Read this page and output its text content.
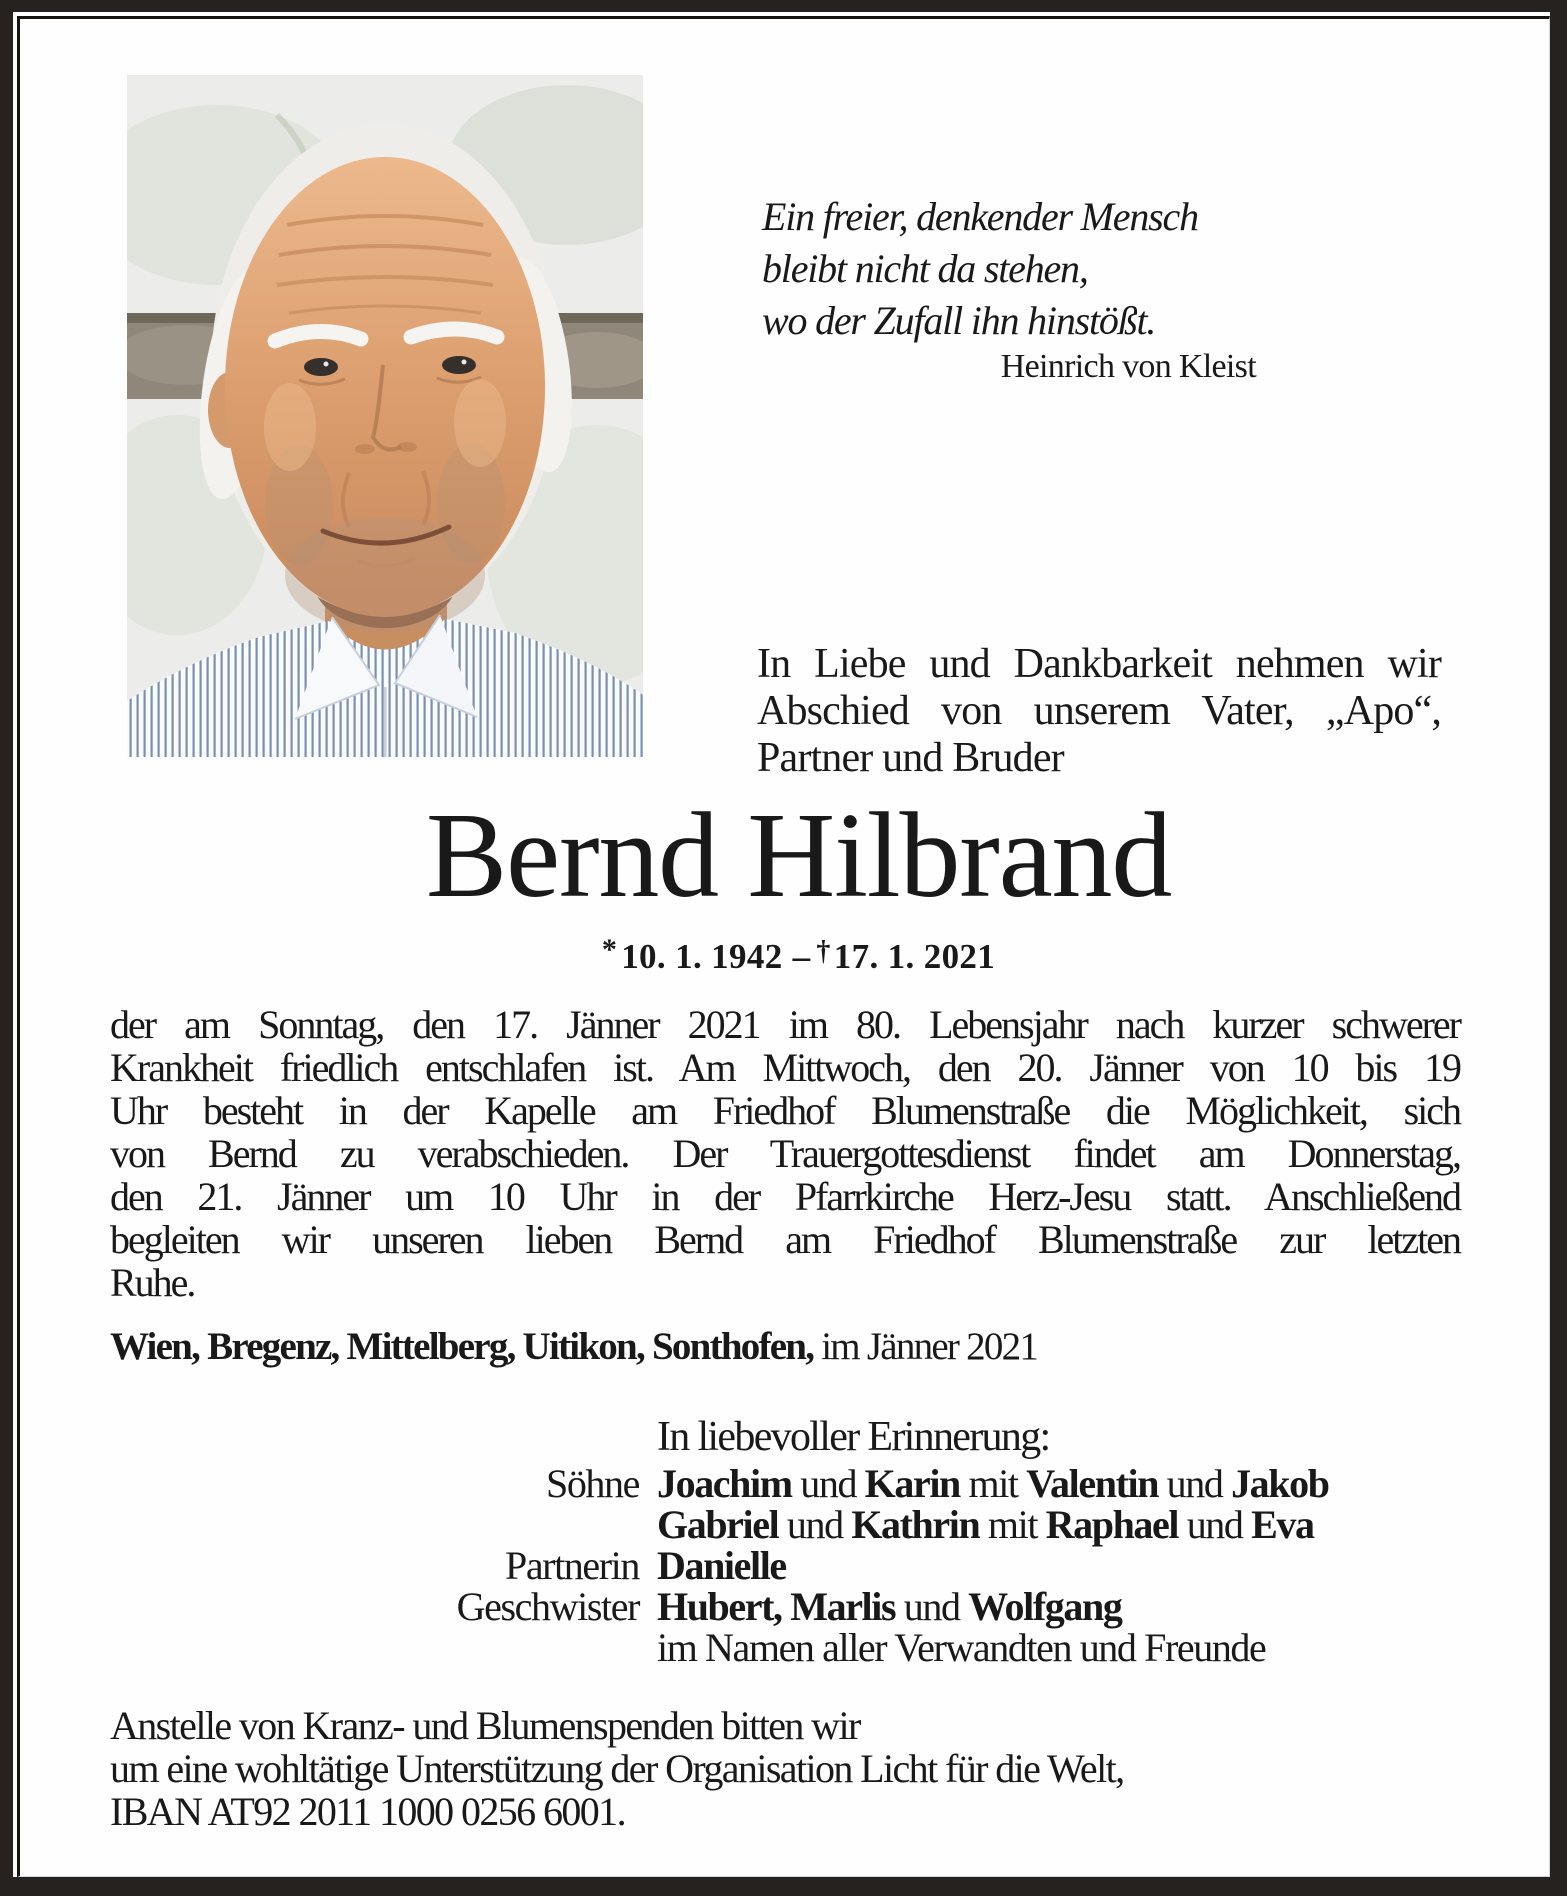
Ein freier, denkender Mensch
bleibt nicht da stehen,
wo der Zufall ihn hinstößt.
Heinrich von Kleist
In Liebe und Dankbarkeit nehmen wir
Abschied von unserem Vater, „Apo“,
Partner und Bruder
Bernd Hilbrand
* 10. 1. 1942 – †17. 1. 2021
der am Sonntag, den 17. Jänner 2021 im 80. Lebensjahr nach kurzer schwerer
Krankheit friedlich entschlafen ist. Am Mittwoch, den 20. Jänner von 10 bis 19
Uhr besteht in der Kapelle am Friedhof Blumenstraße die Möglichkeit, sich
von Bernd zu verabschieden. Der Trauergottesdienst findet am Donnerstag,
den 21. Jänner um 10 Uhr in der Pfarrkirche Herz-Jesu statt. Anschließend
begleiten wir unseren lieben Bernd am Friedhof Blumenstraße zur letzten
Ruhe.
Wien, Bregenz, Mittelberg, Uitikon, Sonthofen, im Jänner 2021
In liebevoller Erinnerung:
Söhne Joachim und Karin mit Valentin und Jakob
Gabriel und Kathrin mit Raphael und Eva
Partnerin Danielle
Geschwister Hubert, Marlis und Wolfgang
im Namen aller Verwandten und Freunde
Anstelle von Kranz- und Blumenspenden bitten wir
um eine wohltätige Unterstützung der Organisation Licht für die Welt,
IBAN AT92 2011 1000 0256 6001.
